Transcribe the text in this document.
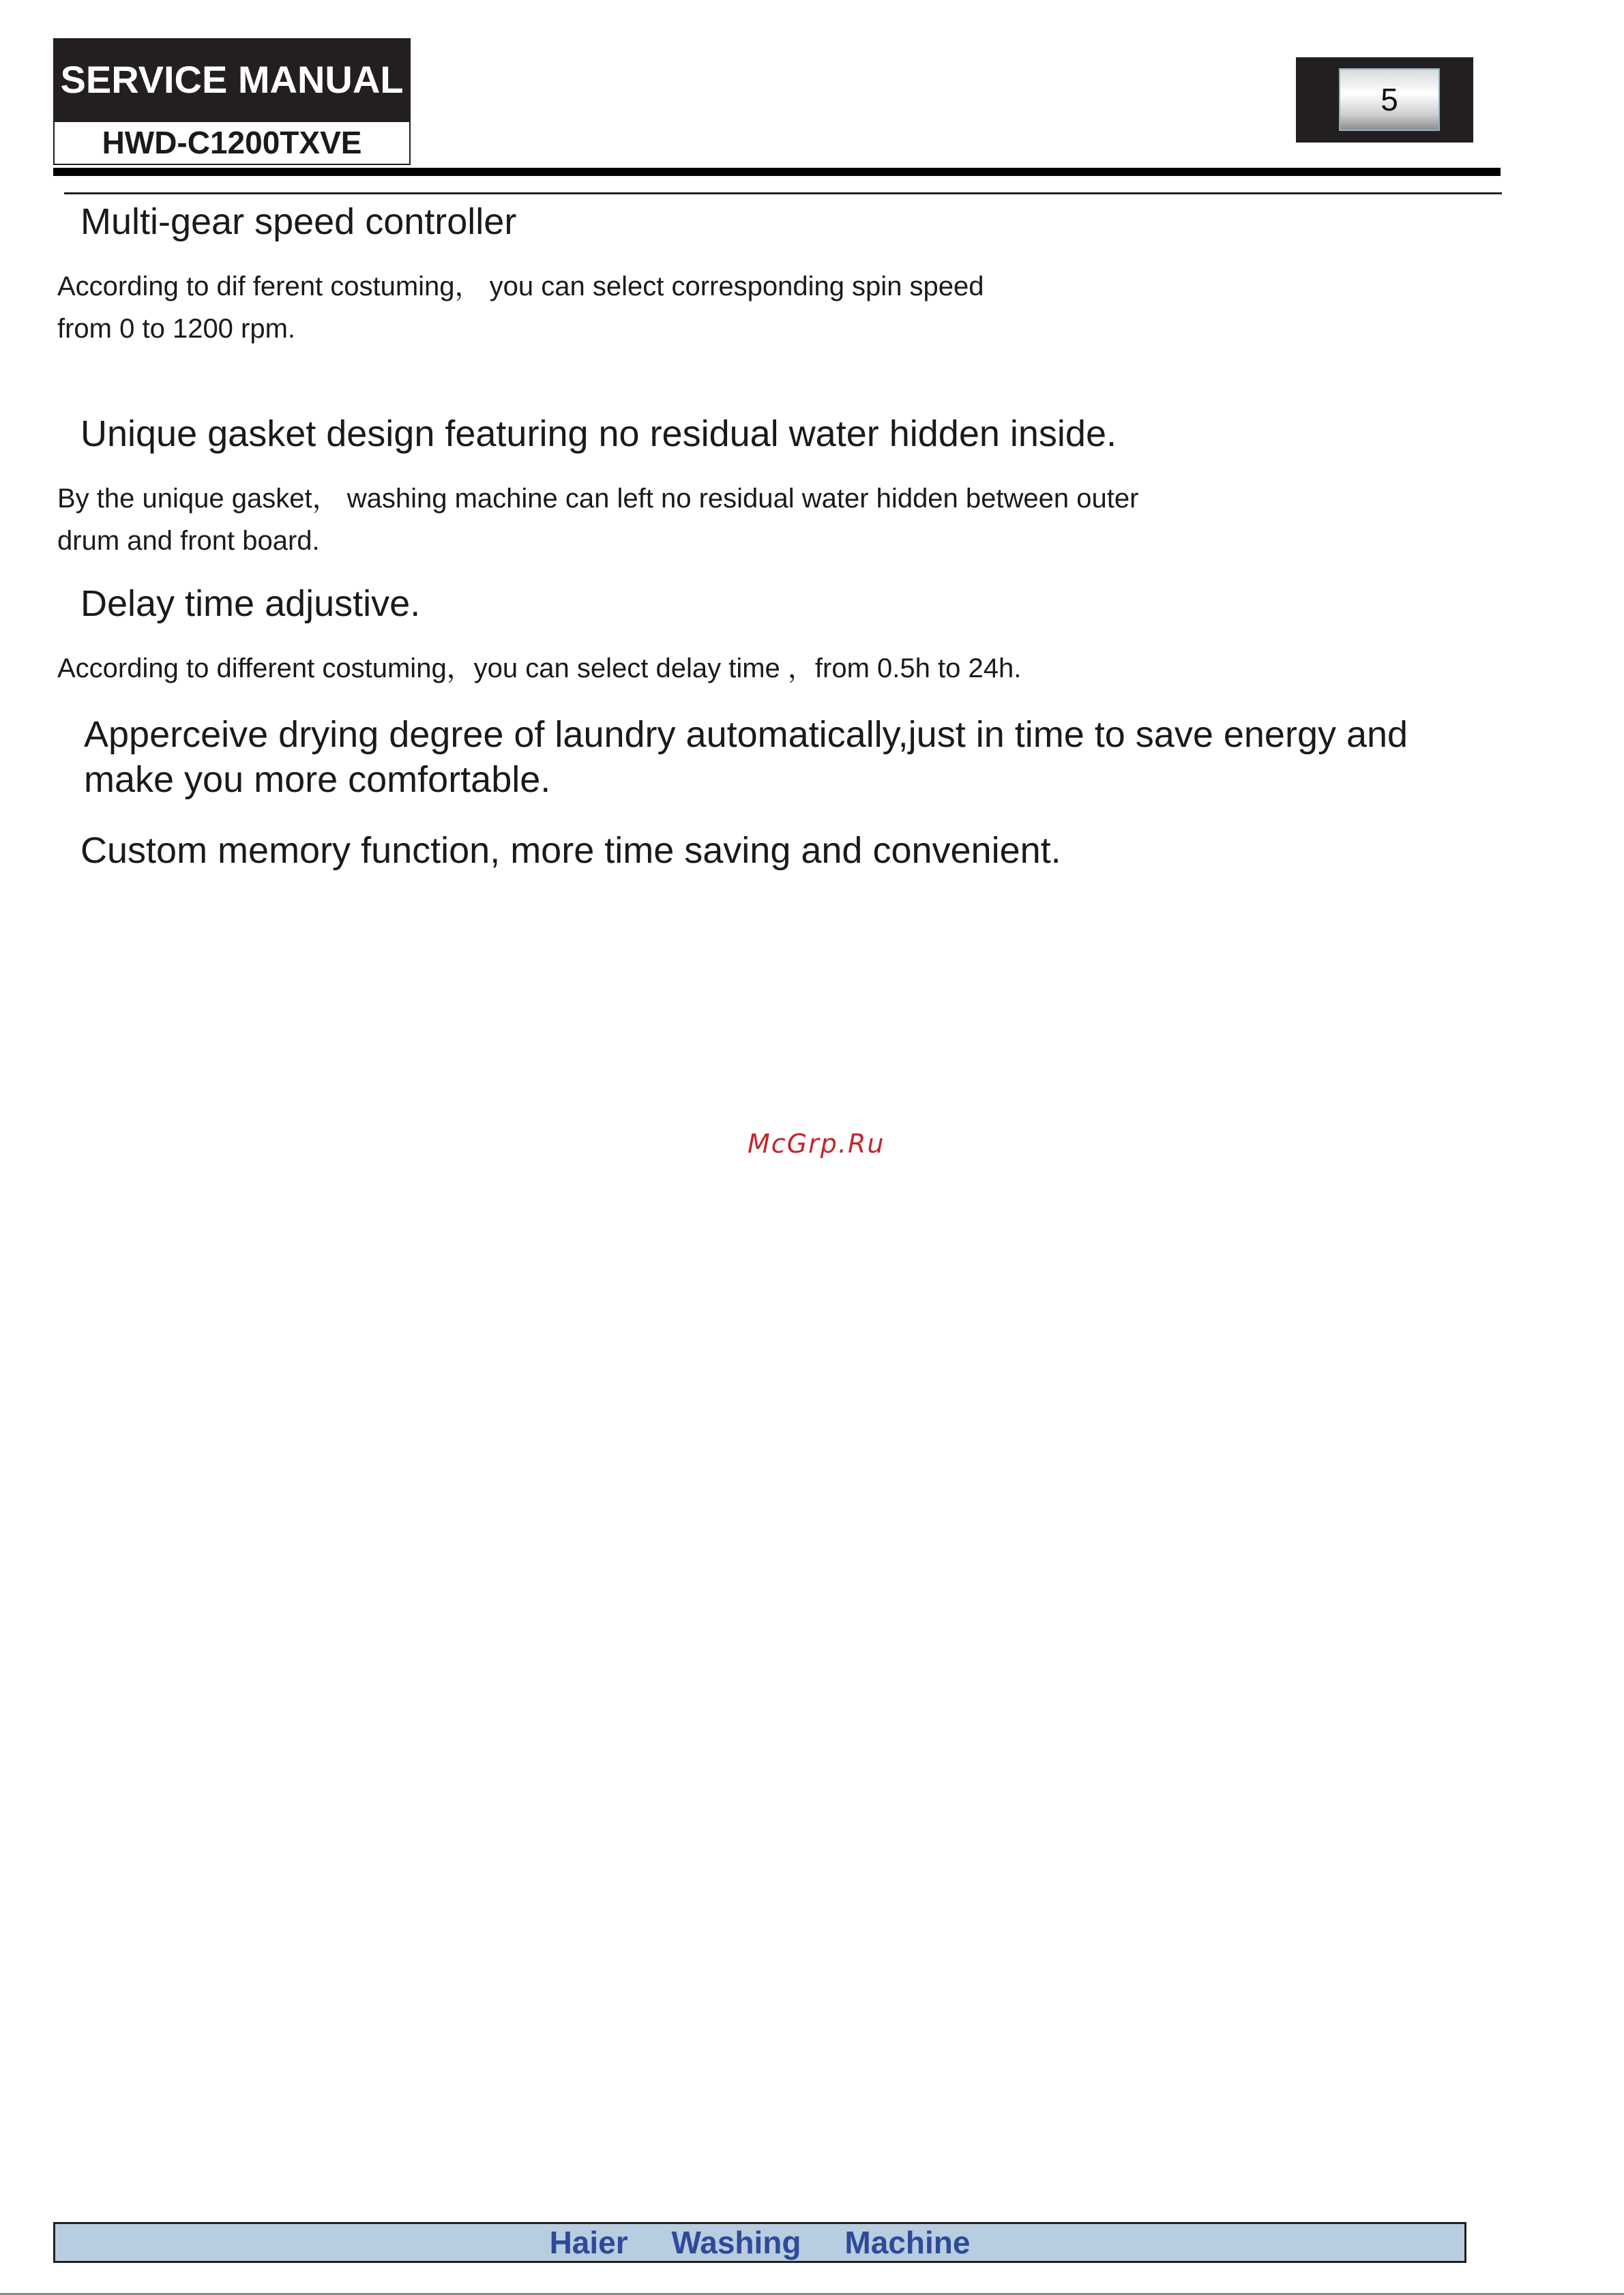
SERVICE MANUAL
HWD-C1200TXVE
5
Multi-gear speed controller
According to dif ferent costuming， you can select corresponding spin speed
from 0 to 1200 rpm.
Unique gasket design featuring no residual water hidden inside.
By the unique gasket， washing machine can left no residual water hidden between outer
drum and front board.
Delay time adjustive.
According to different costuming，you can select delay time ，from 0.5h to 24h.
Apperceive drying degree of laundry automatically,just in time to save energy and
make you more comfortable.
Custom memory function, more time saving and convenient.
McGrp.Ru
Haier     Washing     Machine
